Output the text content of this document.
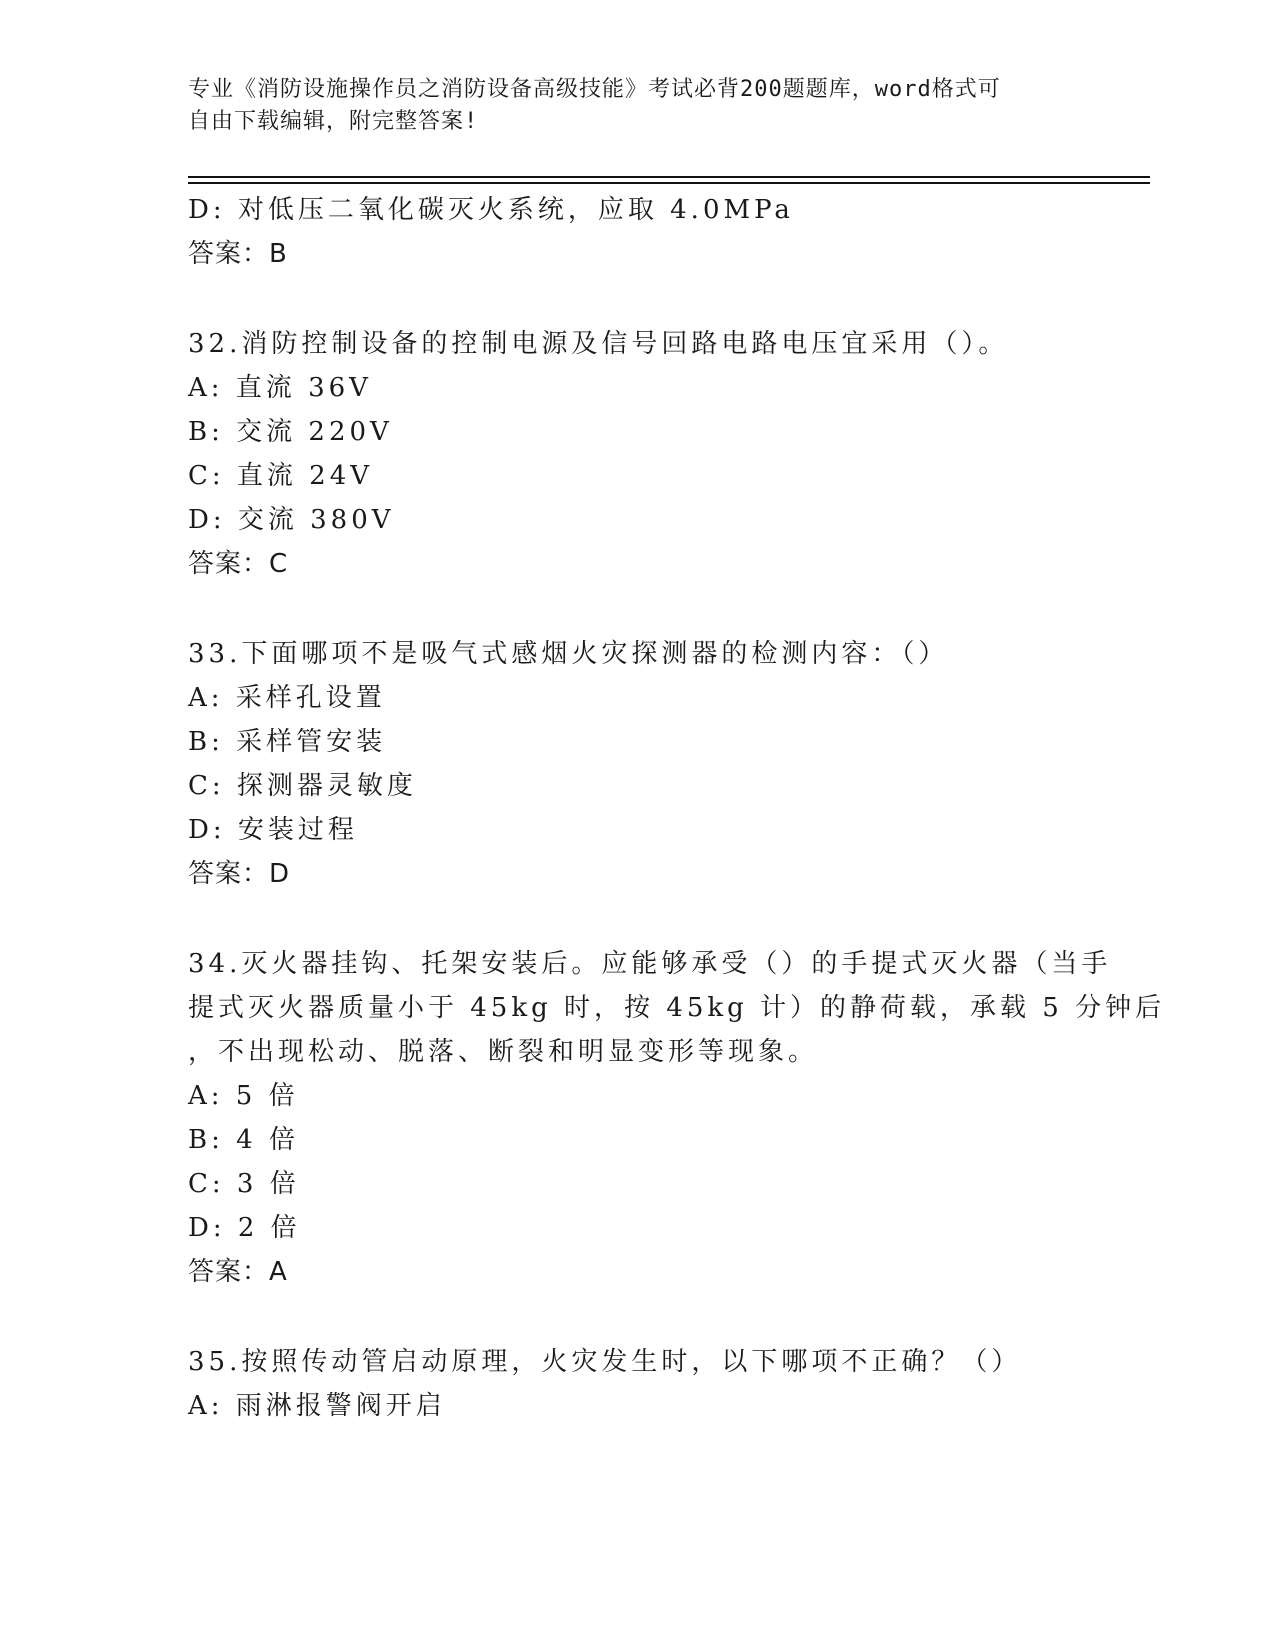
专业《消防设施操作员之消防设备高级技能》考试必背200题题库，word格式可
自由下载编辑，附完整答案!
D: 对低压二氧化碳灭火系统，应取 4.0MPa
答案：B
32.消防控制设备的控制电源及信号回路电路电压宜采用（）。
A: 直流 36V
B: 交流 220V
C: 直流 24V
D: 交流 380V
答案：C
33.下面哪项不是吸气式感烟火灾探测器的检测内容：（）
A: 采样孔设置
B: 采样管安装
C: 探测器灵敏度
D: 安装过程
答案：D
34.灭火器挂钩、托架安装后。应能够承受（）的手提式灭火器（当手
提式灭火器质量小于 45kg 时，按 45kg 计）的静荷载，承载 5 分钟后
，不出现松动、脱落、断裂和明显变形等现象。
A: 5 倍
B: 4 倍
C: 3 倍
D: 2 倍
答案：A
35.按照传动管启动原理，火灾发生时，以下哪项不正确？（）
A: 雨淋报警阀开启
